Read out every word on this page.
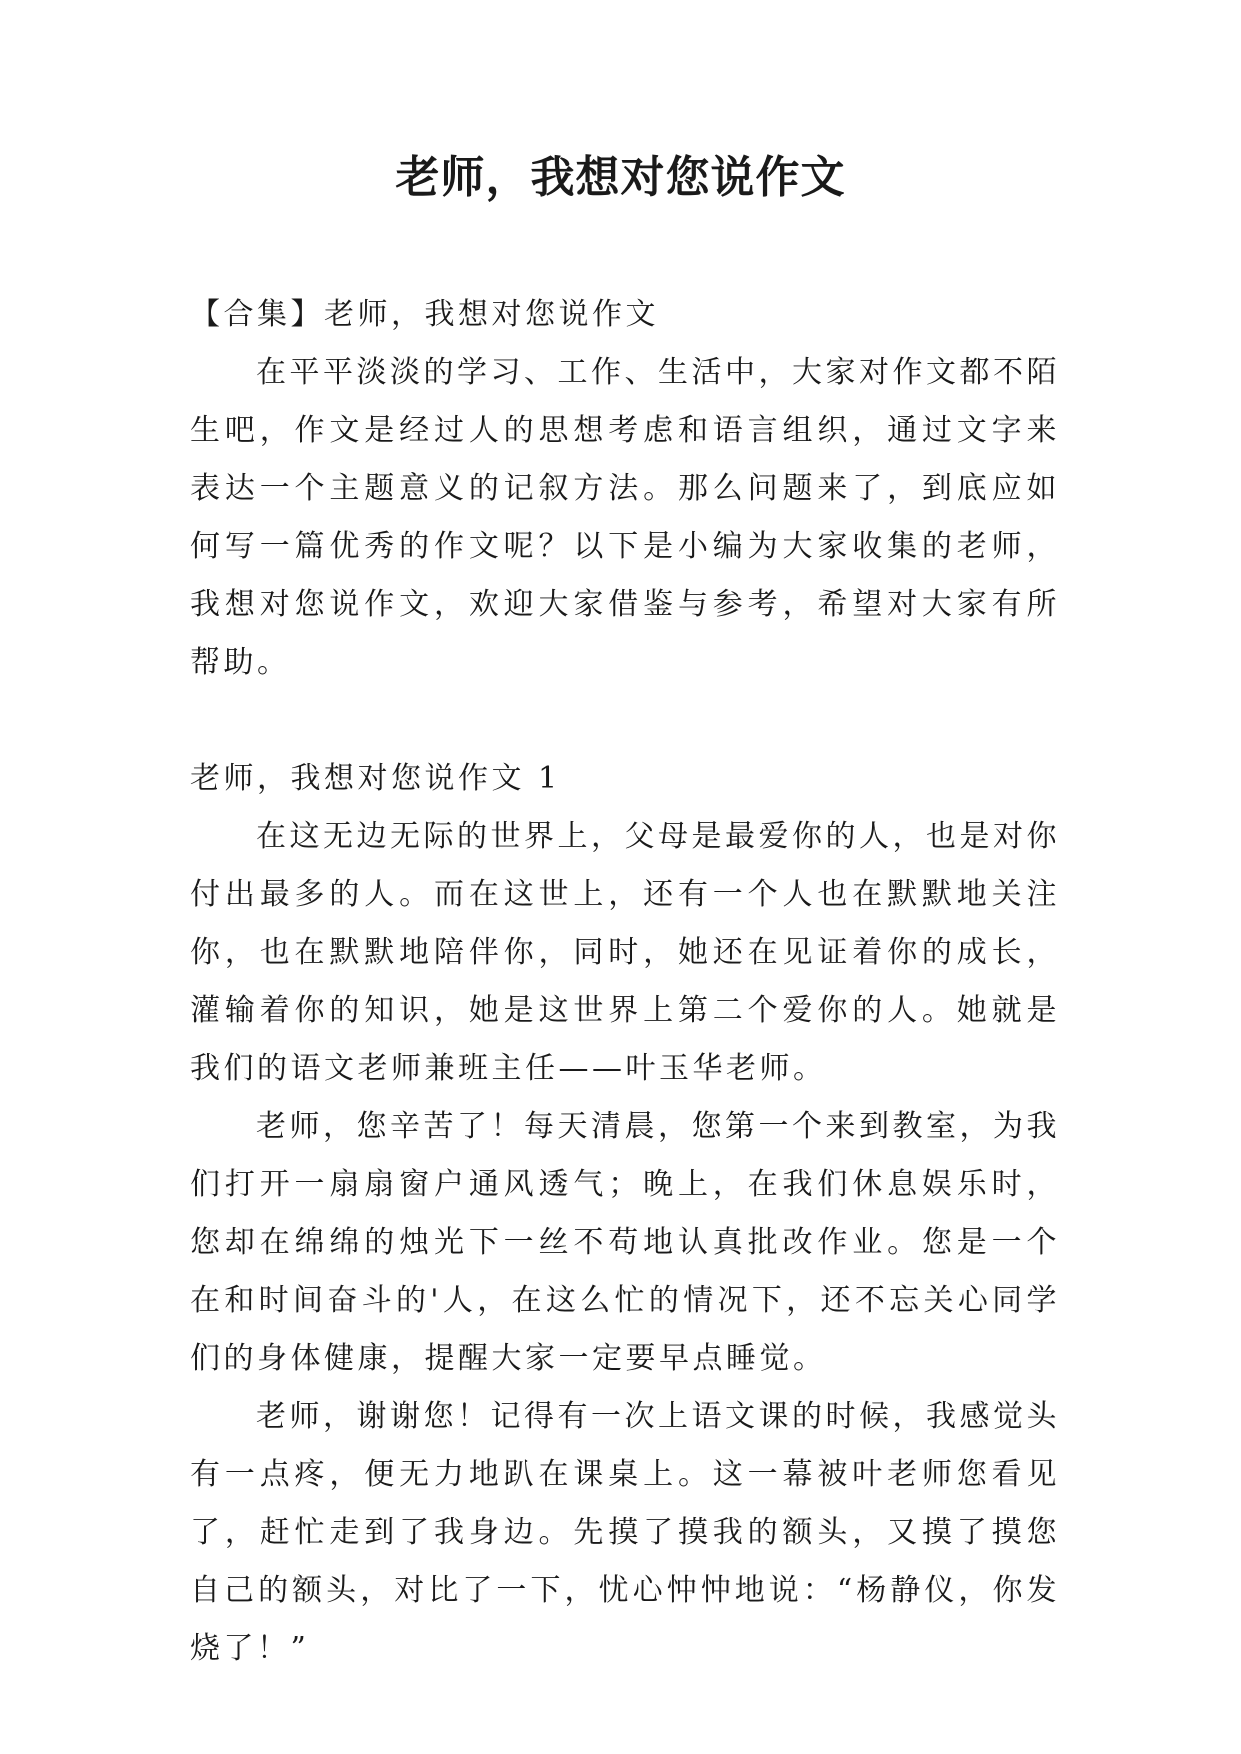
老师，我想对您说作文

【合集】老师，我想对您说作文

在平平淡淡的学习、工作、生活中，大家对作文都不陌生吧，作文是经过人的思想考虑和语言组织，通过文字来表达一个主题意义的记叙方法。那么问题来了，到底应如何写一篇优秀的作文呢？以下是小编为大家收集的老师，我想对您说作文，欢迎大家借鉴与参考，希望对大家有所帮助。

老师，我想对您说作文 1

在这无边无际的世界上，父母是最爱你的人，也是对你付出最多的人。而在这世上，还有一个人也在默默地关注你，也在默默地陪伴你，同时，她还在见证着你的成长，灌输着你的知识，她是这世界上第二个爱你的人。她就是我们的语文老师兼班主任——叶玉华老师。

老师，您辛苦了！每天清晨，您第一个来到教室，为我们打开一扇扇窗户通风透气；晚上，在我们休息娱乐时，您却在绵绵的烛光下一丝不苟地认真批改作业。您是一个在和时间奋斗的'人，在这么忙的情况下，还不忘关心同学们的身体健康，提醒大家一定要早点睡觉。

老师，谢谢您！记得有一次上语文课的时候，我感觉头有一点疼，便无力地趴在课桌上。这一幕被叶老师您看见了，赶忙走到了我身边。先摸了摸我的额头，又摸了摸您自己的额头，对比了一下，忧心忡忡地说：“杨静仪，你发烧了！”
